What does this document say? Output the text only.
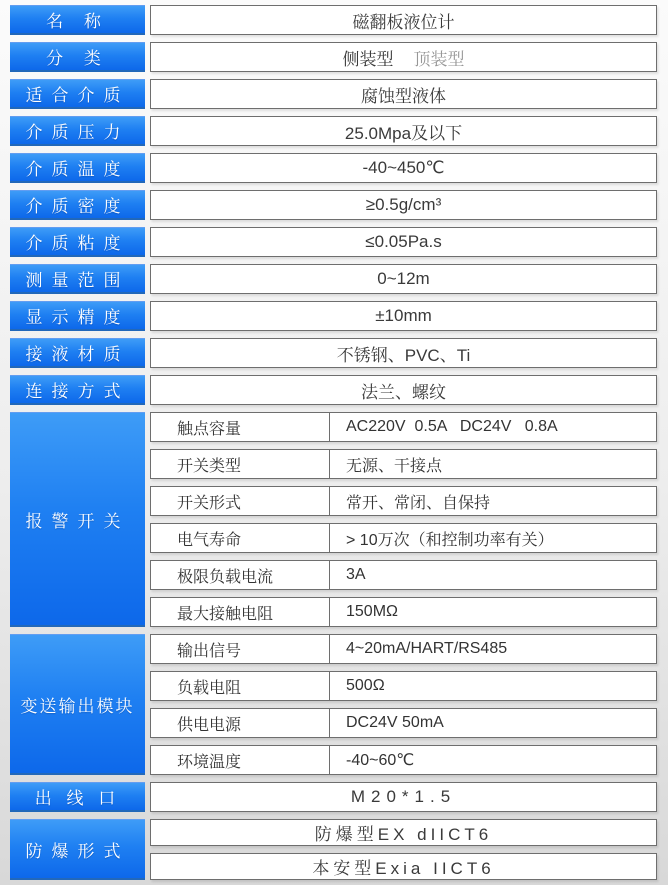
名 称	磁翻板液位计
分 类	侧装型 顶装型
适合介质	腐蚀型液体
介质压力	25.0Mpa及以下
介质温度	-40~450℃
介质密度	≥0.5g/cm³
介质粘度	≤0.05Pa.s
测量范围	0~12m
显示精度	±10mm
接液材质	不锈钢、PVC、Ti
连接方式	法兰、螺纹
报警开关
触点容量	AC220V  0.5A   DC24V   0.8A
开关类型	无源、干接点
开关形式	常开、常闭、自保持
电气寿命	> 10万次（和控制功率有关）
极限负载电流	3A
最大接触电阻	150MΩ
变送输出模块
输出信号	4~20mA/HART/RS485
负载电阻	500Ω
供电电源	DC24V 50mA
环境温度	-40~60℃
出 线 口	M20*1.5
防爆形式
防爆型EX dIICT6
本安型Exia IICT6
